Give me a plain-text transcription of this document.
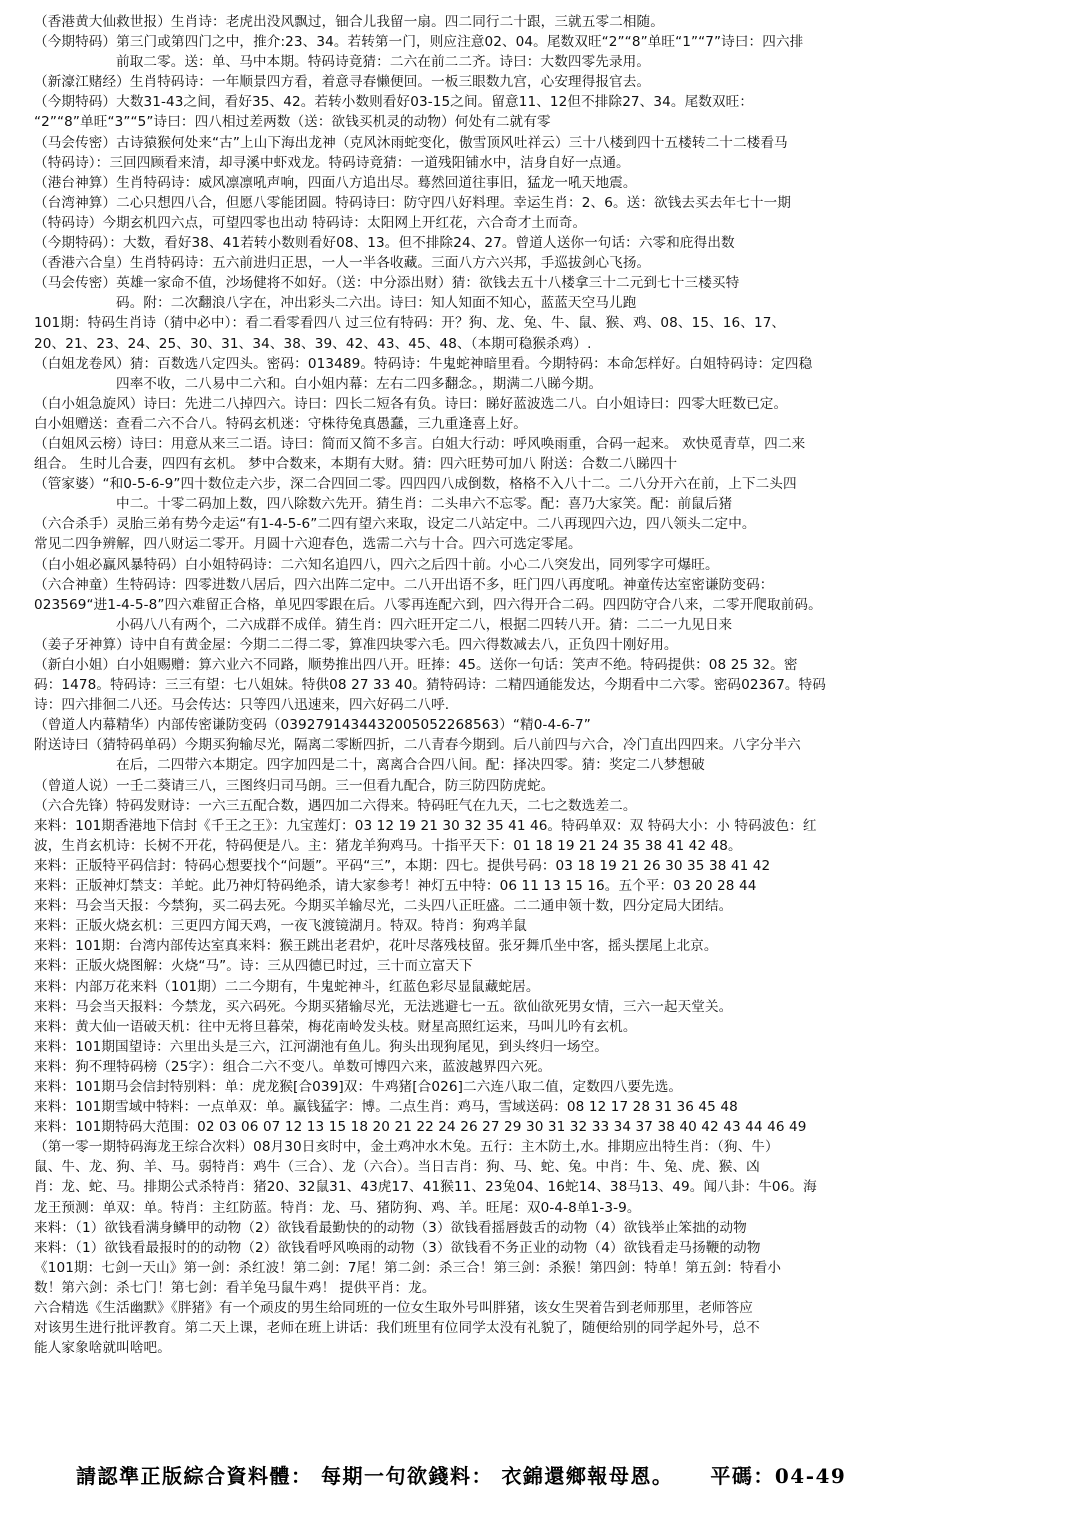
（香港黄大仙救世报）生肖诗：老虎出没风飘过，钿合儿我留一扇。四二同行二十跟，三就五零二相随。
（今期特码）第三门或第四门之中，推介:23、34。若转第一门，则应注意02、04。尾数双旺“2”“8”单旺“1”“7”诗曰：四六排
前取二零。送：单、马中本期。特码诗竟猜：二六在前二二齐。诗曰：大数四零先录用。
（新濠江赌经）生肖特码诗：一年顺景四方看，着意寻春懒便回。一板三眼数九宫，心安理得报官去。
（今期特码）大数31-43之间，看好35、42。若转小数则看好03-15之间。留意11、12但不排除27、34。尾数双旺：
“2”“8”单旺“3”“5”诗曰：四八相过差两数（送：欲钱买机灵的动物）何处有二就有零
（马会传密）古诗猿猴何处来“古”上山下海出龙神（克风沐雨蛇变化，傲雪顶风吐祥云）三十八楼到四十五楼转二十二楼看马
（特码诗）：三回四顾看来清，却寻溪中虾戏龙。特码诗竟猜：一道残阳铺水中，洁身自好一点通。
（港台神算）生肖特码诗：威风凛凛吼声响，四面八方追出尽。蓦然回道往事旧，猛龙一吼天地震。
（台湾神算）二心只想四八合，但愿八零能团圆。特码诗曰：防守四八好料理。幸运生肖：2、6。送：欲钱去买去年七十一期
（特码诗）今期玄机四六点，可望四零也出动 特码诗：太阳网上开红花，六合奇才土而奇。
（今期特码）：大数，看好38、41若转小数则看好08、13。但不排除24、27。曾道人送你一句话：六零和庇得出数
（香港六合皇）生肖特码诗：五六前进归正思，一人一半各收藏。三面八方六兴邦，手巡拔剑心飞扬。
（马会传密）英雄一家命不值，沙场健将不如好。（送：中分添出财）猜：欲钱去五十八楼拿三十二元到七十三楼买特
码。附：二次翻浪八字在，冲出彩头二六出。诗曰：知人知面不知心，蓝蓝天空马儿跑
101期：特码生肖诗（猜中必中）：看二看零看四八 过三位有特码：开？狗、龙、兔、牛、鼠、猴、鸡、08、15、16、17、
20、21、23、24、25、30、31、34、38、39、42、43、45、48、（本期可稳猴杀鸡）.
（白姐龙卷风）猜：百数选八定四头。密码：013489。特码诗：牛鬼蛇神暗里看。今期特码：本命怎样好。白姐特码诗：定四稳
四率不收，二八易中二六和。白小姐内幕：左右二四多翻念。，期满二八睇今期。
（白小姐急旋风）诗曰：先进二八掉四六。诗曰：四长二短各有负。诗曰：睇好蓝波选二八。白小姐诗曰：四零大旺数已定。
白小姐赠送：查看二六不合八。特码玄机迷：守株待兔真愚蠢，三九重逢喜上好。
（白姐风云榜）诗曰：用意从来三二语。诗曰：简而又简不多言。白姐大行动：呼风唤雨重，合码一起来。 欢快觅青草，四二来
组合。 生时儿合妻，四四有玄机。 梦中合数来，本期有大财。猜：四六旺势可加八 附送：合数二八睇四十
（管家婆）“和0-5-6-9”四十数位走六步，深二合四回二零。四四四八成倒数，格格不入八十二。二八分开六在前，上下二头四
中二。十零二码加上数，四八除数六先开。猜生肖：二头串六不忘零。配：喜乃大家笑。配：前鼠后猪
（六合杀手）灵胎三弟有势今走运“有1-4-5-6”二四有望六来取，设定二八站定中。二八再现四六边，四八领头二定中。
常见二四争辨解，四八财运二零开。月圆十六迎春色，选需二六与十合。四六可选定零尾。
（白小姐必赢风暴特码）白小姐特码诗：二六知名追四八，四六之后四十前。小心二八突发出，同列零字可爆旺。
（六合神童）生特码诗：四零进数八居后，四六出阵二定中。二八开出语不多，旺门四八再度吼。神童传达室密谦防变码：
023569“进1-4-5-8”四六难留正合格，单见四零跟在后。八零再连配六到，四六得开合二码。四四防守合八来，二零开爬取前码。
小码八八有两个，二六成群不成佯。猜生肖：四六旺开定二八，根据二四转八开。猜：二二一九见日来
（姜子牙神算）诗中自有黄金屋：今期二二得二零，算准四块零六毛。四六得数减去八，正负四十刚好用。
（新白小姐）白小姐赐赠：算六业六不同路，顺势推出四八开。旺捧：45。送你一句话：笑声不绝。特码提供：08 25 32。密
码：1478。特码诗：三三有望：七八姐妹。特供08 27 33 40。猜特码诗：二精四通能发达，今期看中二六零。密码02367。特码
诗：四六排徊二八还。马会传达：只等四八迅速来，四六好码二八呼.
（曾道人内幕精华）内部传密谦防变码（039279143443200505226856​3）“精0-4-6-7”
附送诗曰（猜特码单码）今期买狗输尽光，隔离二零断四折，二八青春今期到。后八前四与六合，冷门直出四四来。八字分半六
在后，二四带六本期定。四字加四是二十，离离合合四八间。配：择决四零。猜：奖定二八梦想破
（曾道人说）一壬二葵请三八，三图终归司马朗。三一但看九配合，防三防四防虎蛇。
（六合先锋）特码发财诗：一六三五配合数，遇四加二六得来。特码旺气在九天，二七之数选差二。
来料：101期香港地下信封《千王之王》：九宝莲灯：03 12 19 21 30 32 35 41 46。特码单双：双 特码大小：小 特码波色：红
波，生肖玄机诗：长树不开花，特码便是八。主：猪龙羊狗鸡马。十指平天下：01 18 19 21 24 35 38 41 42 48。
来料：正版特平码信封：特码心想要找个“问题”。平码“三”，本期：四七。提供号码：03 18 19 21 26 30 35 38 41 42
来料：正版神灯禁支：羊蛇。此乃神灯特码绝杀，请大家参考！神灯五中特：06 11 13 15 16。五个平：03 20 28 44
来料：马会当天报：今禁狗，买二码去死。今期买羊输尽光，二头四八正旺盛。二二通申领十数，四分定局大团结。
来料：正版火烧玄机：三更四方闻天鸡，一夜飞渡镜湖月。特双。特肖：狗鸡羊鼠
来料：101期：台湾内部传达室真来料：猴王跳出老君炉，花叶尽落残枝留。张牙舞爪坐中客，摇头摆尾上北京。
来料：正版火烧图解：火烧“马”。诗：三从四德已时过，三十而立富天下
来料：内部万花来料（101期）二二今期有，牛鬼蛇神斗，红蓝色彩尽显鼠藏蛇居。
来料：马会当天报料：今禁龙，买六码死。今期买猪输尽光，无法逃避七一五。欲仙欲死男女情，三六一起天堂关。
来料：黄大仙一语破天机：往中无将旦暮荣，梅花南岭发头枝。财星高照红运来，马叫儿吟有玄机。
来料：101期国望诗：六里出头是三六，江河湖池有鱼儿。狗头出现狗尾见，到头终归一场空。
来料：狗不理特码榜（25字）：组合二六不变八。单数可博四六来，蓝波越界四六死。
来料：101期马会信封特别料：单：虎龙猴[合039]双：牛鸡猪[合026]二六连八取二值，定数四八要先选。
来料：101期雪域中特料：一点单双：单。赢钱猛字：博。二点生肖：鸡马，雪域送码：08 12 17 28 31 36 45 48
来料：101期特码大范围：02 03 06 07 12 13 15 18 20 21 22 24 26 27 29 30 31 32 33 34 37 38 40 42 43 44 46 49
（第一零一期特码海龙王综合次料）08月30日亥时中，金土鸡冲水木兔。五行：主木防土,水。排期应出特生肖：（狗、牛）
鼠、牛、龙、狗、羊、马。弱特肖：鸡牛（三合）、龙（六合）。当日吉肖：狗、马、蛇、兔。中肖：牛、兔、虎、猴、凶
肖：龙、蛇、马。排期公式杀特肖：猪20、32鼠31、43虎17、41猴11、23兔04、16蛇14、38马13、49。闻八卦：牛06。海
龙王预测：单双：单。特肖：主红防蓝。特肖：龙、马、猪防狗、鸡、羊。旺尾：双0-4-8单1-3-9。
来料：（1）欲钱看满身鳞甲的动物（2）欲钱看最勤快的的动物（3）欲钱看摇唇鼓舌的动物（4）欲钱举止笨拙的动物
来料：（1）欲钱看最报时的的动物（2）欲钱看呼风唤雨的动物（3）欲钱看不务正业的动物（4）欲钱看走马扬鞭的动物
《101期：七剑一天山》第一剑：杀红波！第二剑：7尾！第二剑：杀三合！第三剑：杀猴！第四剑：特单！第五剑：特看小
数！第六剑：杀七门！第七剑：看羊兔马鼠牛鸡！ 提供平肖：龙。
六合精选《生活幽默》《胖猪》有一个顽皮的男生给同班的一位女生取外号叫胖猪，该女生哭着告到老师那里，老师答应
对该男生进行批评教育。第二天上课，老师在班上讲话：我们班里有位同学太没有礼貌了，随便给别的同学起外号，总不
能人家象啥就叫啥吧。
請認準正版綜合資料體： 每期一句欲錢料： 衣錦還鄉報母恩。 平碼：04-49
